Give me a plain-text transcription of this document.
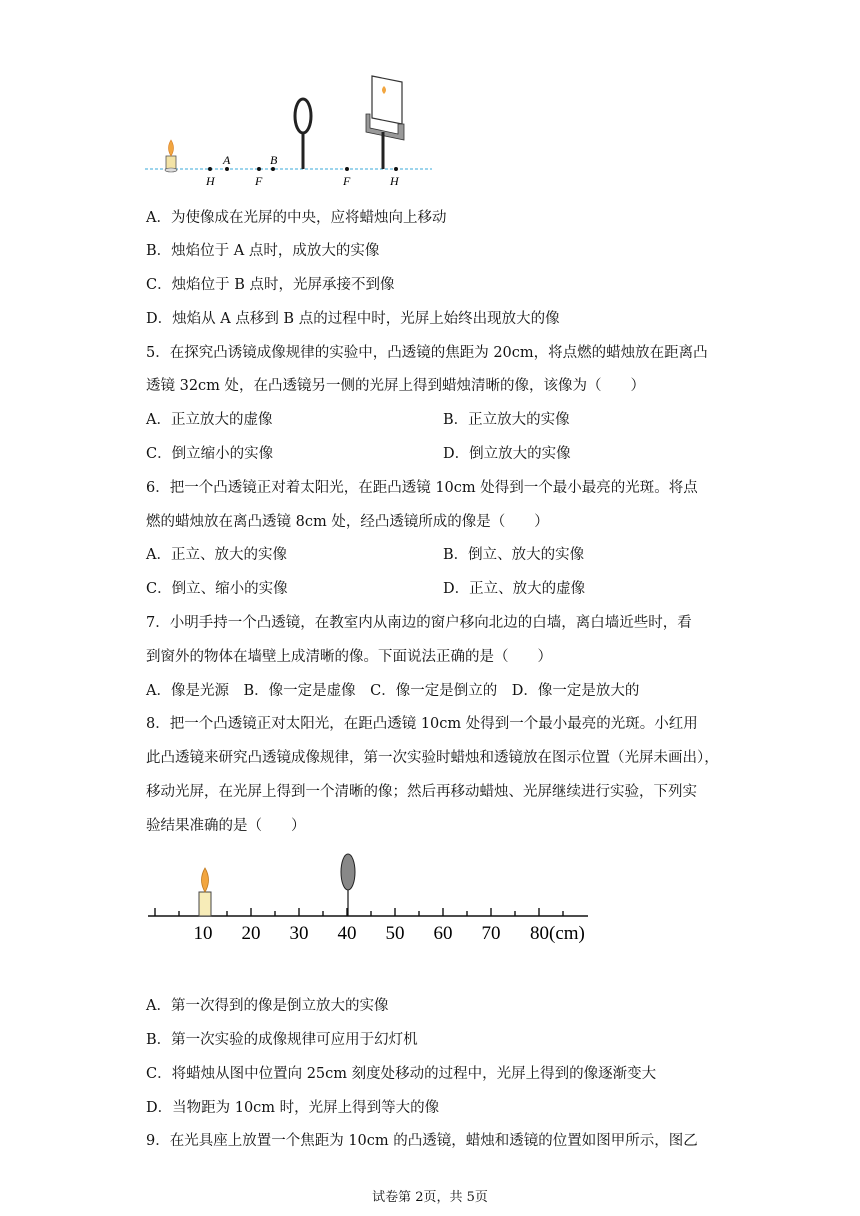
A	B
H	F	F	H
A．为使像成在光屏的中央，应将蜡烛向上移动
B．烛焰位于 A 点时，成放大的实像
C．烛焰位于 B 点时，光屏承接不到像
D．烛焰从 A 点移到 B 点的过程中时，光屏上始终出现放大的像
5．在探究凸诱镜成像规律的实验中，凸透镜的焦距为 20cm，将点燃的蜡烛放在距离凸
透镜 32cm 处，在凸透镜另一侧的光屏上得到蜡烛清晰的像，该像为（　　）
A．正立放大的虚像	B．正立放大的实像
C．倒立缩小的实像	D．倒立放大的实像
6．把一个凸透镜正对着太阳光，在距凸透镜 10cm 处得到一个最小最亮的光斑。将点
燃的蜡烛放在离凸透镜 8cm 处，经凸透镜所成的像是（　　）
A．正立、放大的实像	B．倒立、放大的实像
C．倒立、缩小的实像	D．正立、放大的虚像
7．小明手持一个凸透镜，在教室内从南边的窗户移向北边的白墙，离白墙近些时，看
到窗外的物体在墙壁上成清晰的像。下面说法正确的是（　　）
A．像是光源　B．像一定是虚像　C．像一定是倒立的　D．像一定是放大的
8．把一个凸透镜正对太阳光，在距凸透镜 10cm 处得到一个最小最亮的光斑。小红用
此凸透镜来研究凸透镜成像规律，第一次实验时蜡烛和透镜放在图示位置（光屏未画出），
移动光屏，在光屏上得到一个清晰的像；然后再移动蜡烛、光屏继续进行实验，下列实
验结果准确的是（　　）
10 20 30 40 50 60 70 80(cm)
A．第一次得到的像是倒立放大的实像
B．第一次实验的成像规律可应用于幻灯机
C．将蜡烛从图中位置向 25cm 刻度处移动的过程中，光屏上得到的像逐渐变大
D．当物距为 10cm 时，光屏上得到等大的像
9．在光具座上放置一个焦距为 10cm 的凸透镜，蜡烛和透镜的位置如图甲所示，图乙
试卷第 2页，共 5页
